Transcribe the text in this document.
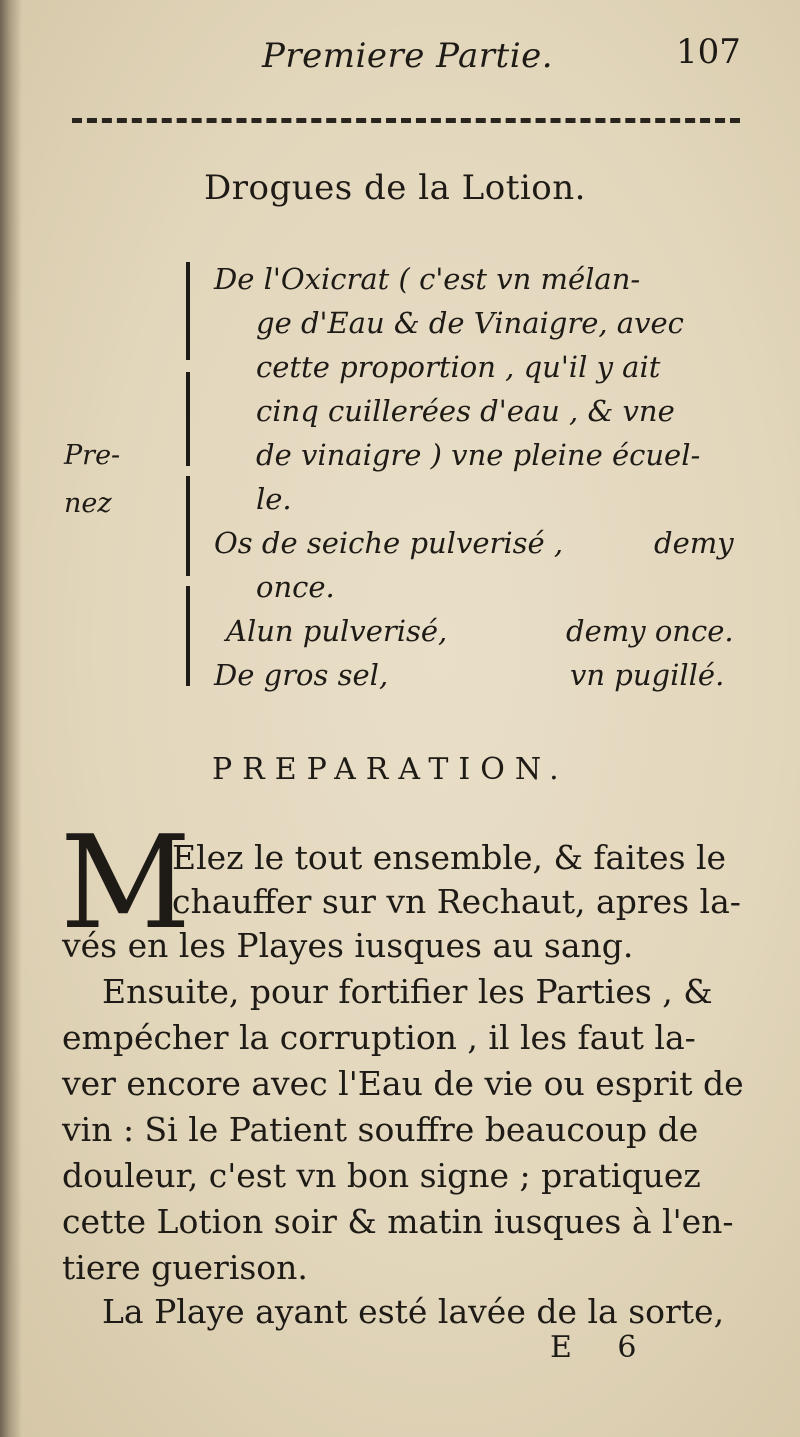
Premiere Partie.	107
Drogues de la Lotion.
Pre-
nez
De l'Oxicrat ( c'est vn mélan-
ge d'Eau & de Vinaigre, avec
cette proportion , qu'il y ait
cinq cuillerées d'eau , & vne
de vinaigre ) vne pleine écuel-
le.
Os de seiche pulverisé ,
once.
Alun pulverisé,
De gros sel,
demy
demy once.
vn pugillé.
PREPARATION.
M
Elez le tout ensemble, & faites le
chauffer sur vn Rechaut, apres la-
vés en les Playes iusques au sang.
Ensuite, pour fortifier les Parties , &
empécher la corruption , il les faut la-
ver encore avec l'Eau de vie ou esprit de
vin : Si le Patient souffre beaucoup de
douleur, c'est vn bon signe ; pratiquez
cette Lotion soir & matin iusques à l'en-
tiere guerison.
La Playe ayant esté lavée de la sorte,
E 6
